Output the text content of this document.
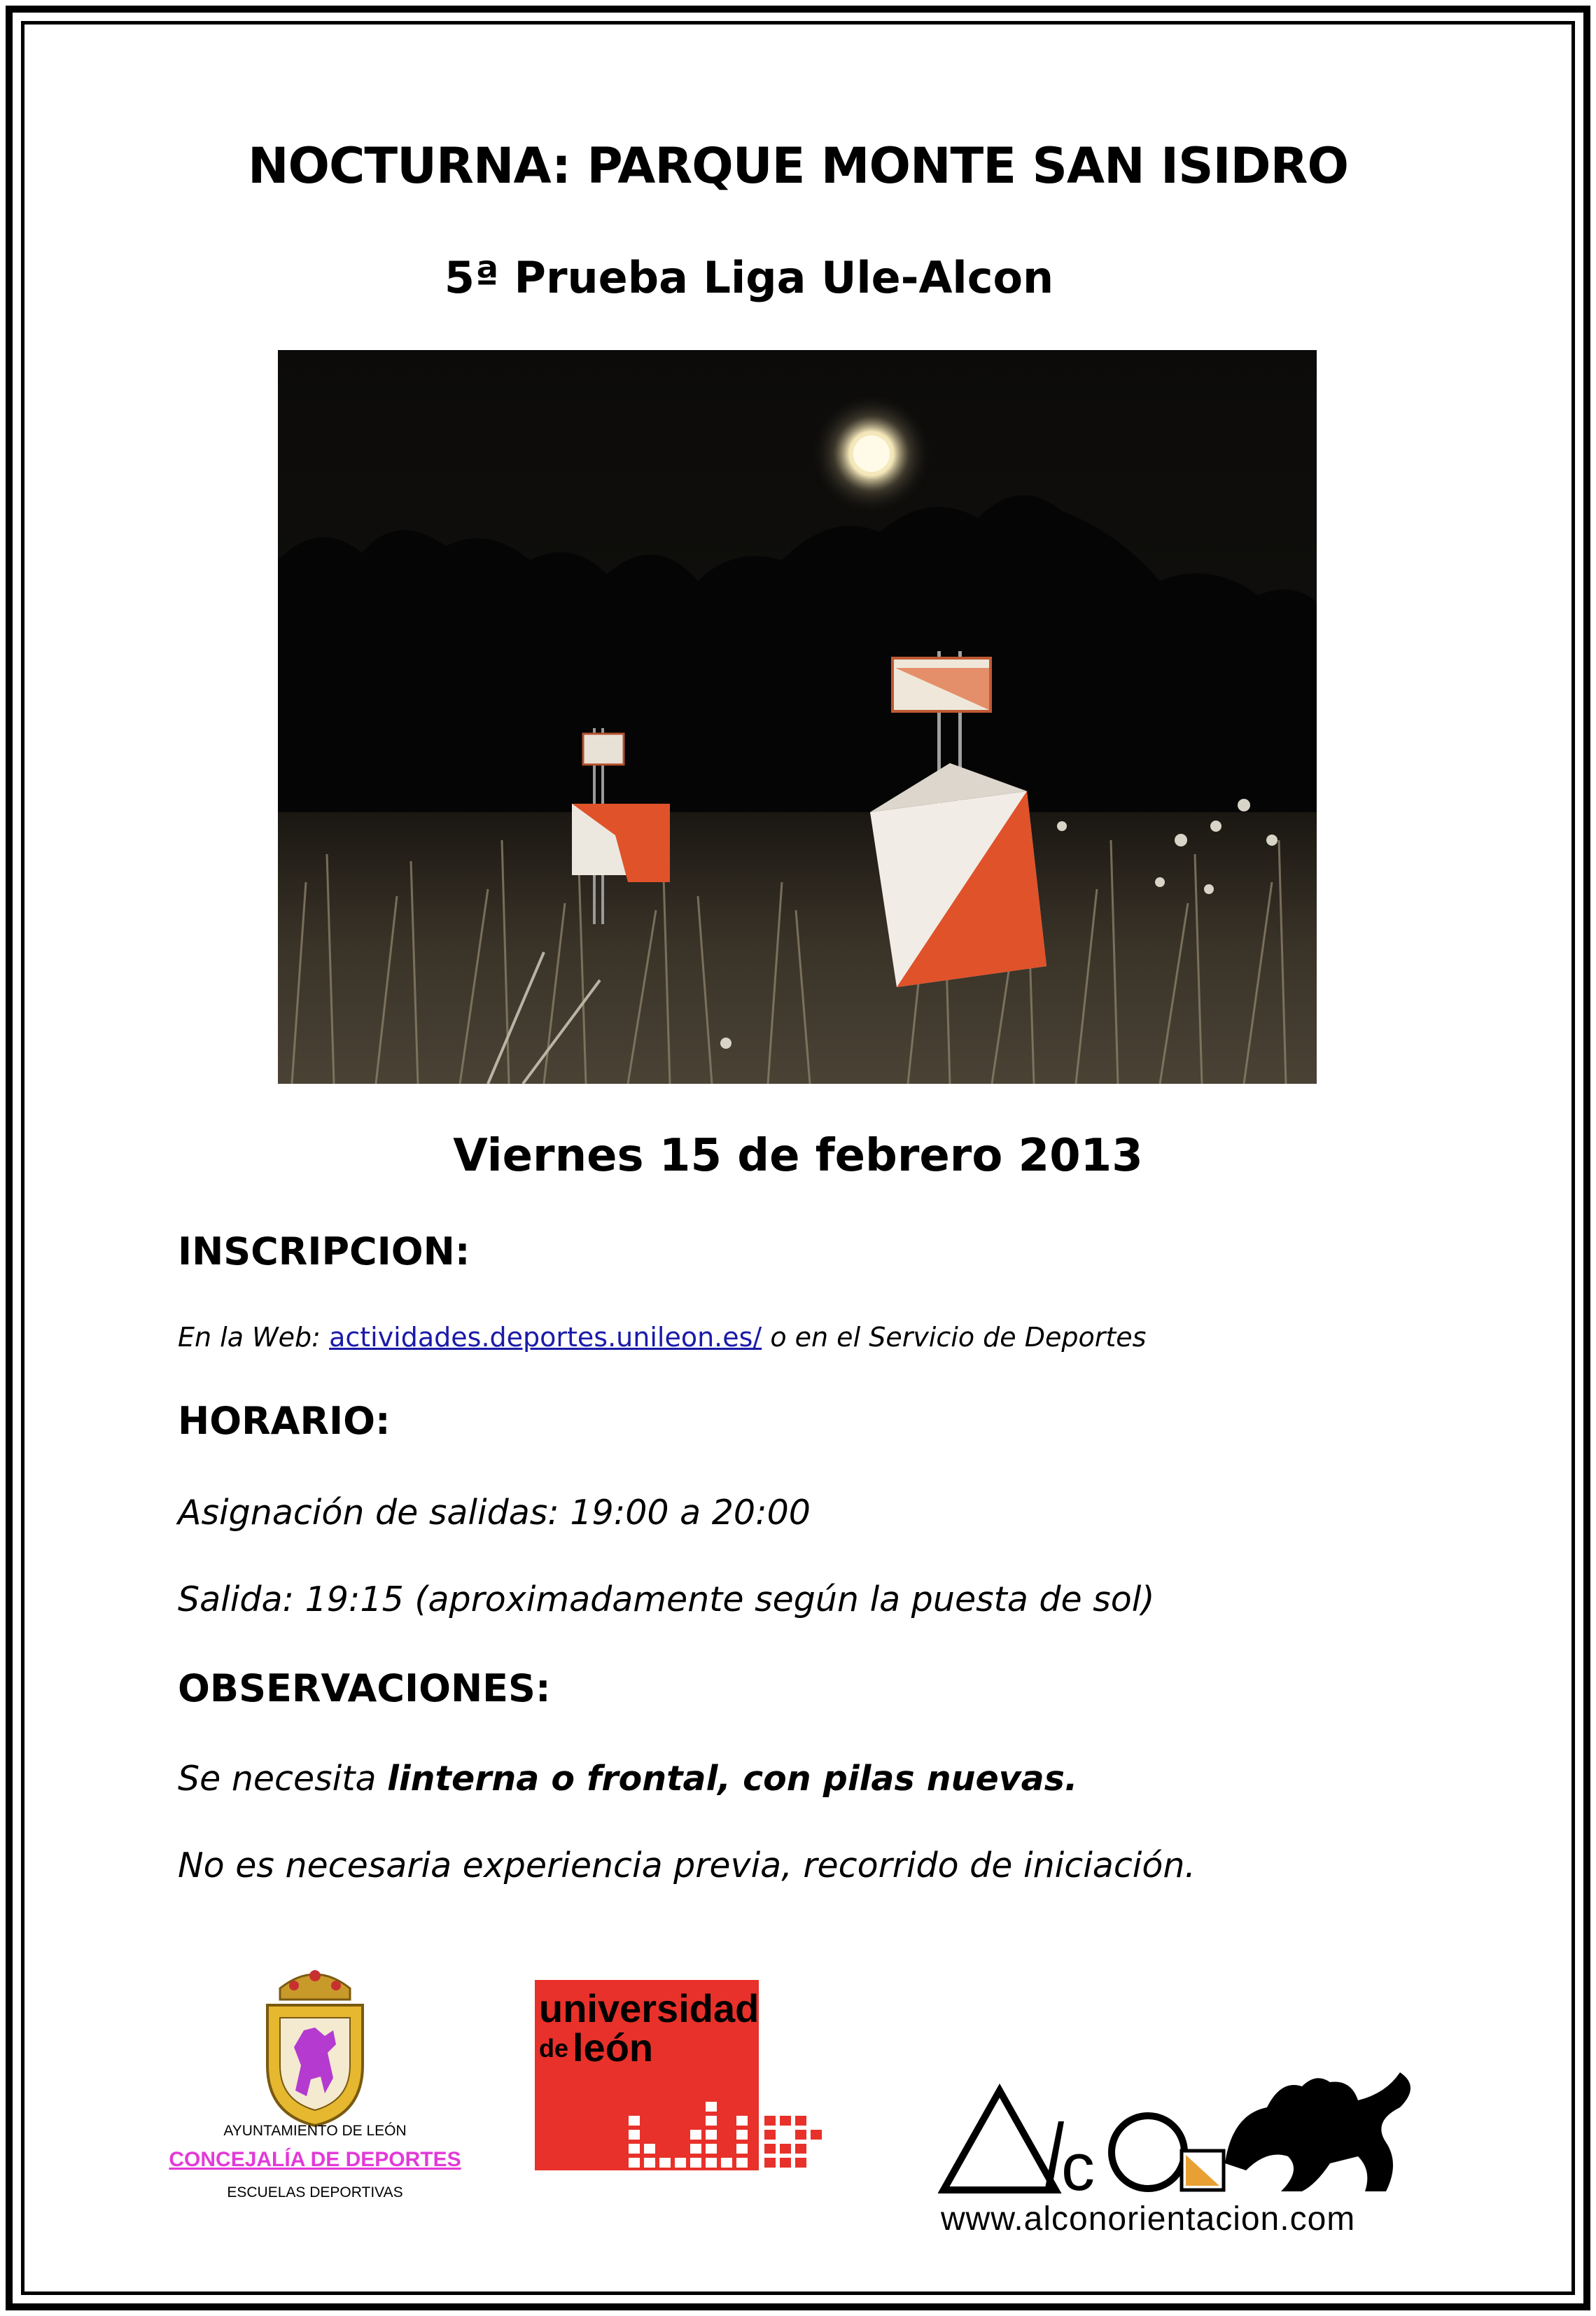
NOCTURNA: PARQUE MONTE SAN ISIDRO
5ª Prueba Liga Ule-Alcon
Viernes 15 de febrero 2013
INSCRIPCION:

En la Web: actividades.deportes.unileon.es/ o en el Servicio de Deportes

HORARIO:

Asignación de salidas: 19:00 a 20:00

Salida: 19:15 (aproximadamente según la puesta de sol)

OBSERVACIONES:

Se necesita linterna o frontal, con pilas nuevas.

No es necesaria experiencia previa, recorrido de iniciación.

AYUNTAMIENTO DE LEÓN
CONCEJALÍA DE DEPORTES
ESCUELAS DEPORTIVAS
universidad
de león
c
www.alconorientacion.com
